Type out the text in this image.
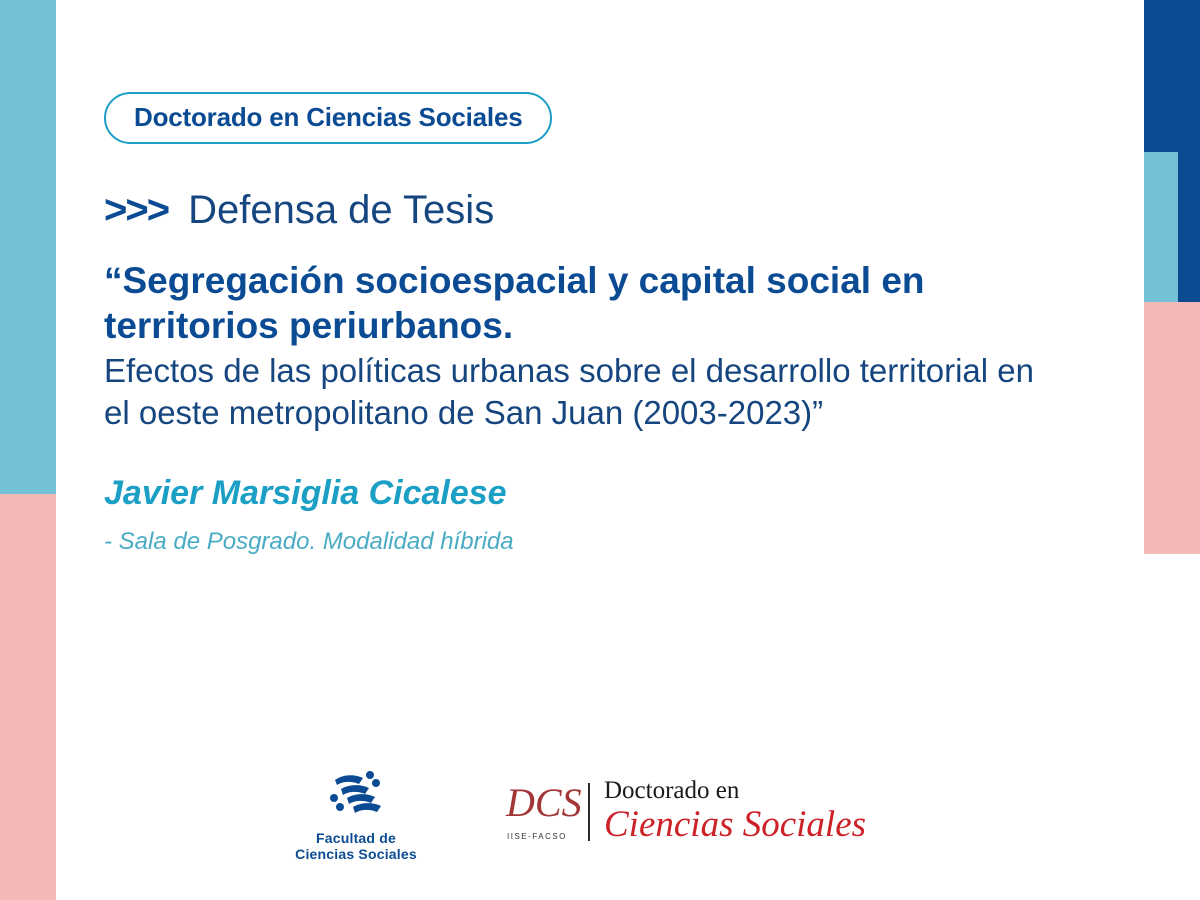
Doctorado en Ciencias Sociales
>>> Defensa de Tesis
“Segregación socioespacial y capital social en territorios periurbanos.
Efectos de las políticas urbanas sobre el desarrollo territorial en el oeste metropolitano de San Juan (2003-2023)”
Javier Marsiglia Cicalese
- Sala de Posgrado. Modalidad híbrida
Facultad de
Ciencias Sociales
DCS
IISE-FACSO
Doctorado en
Ciencias Sociales
